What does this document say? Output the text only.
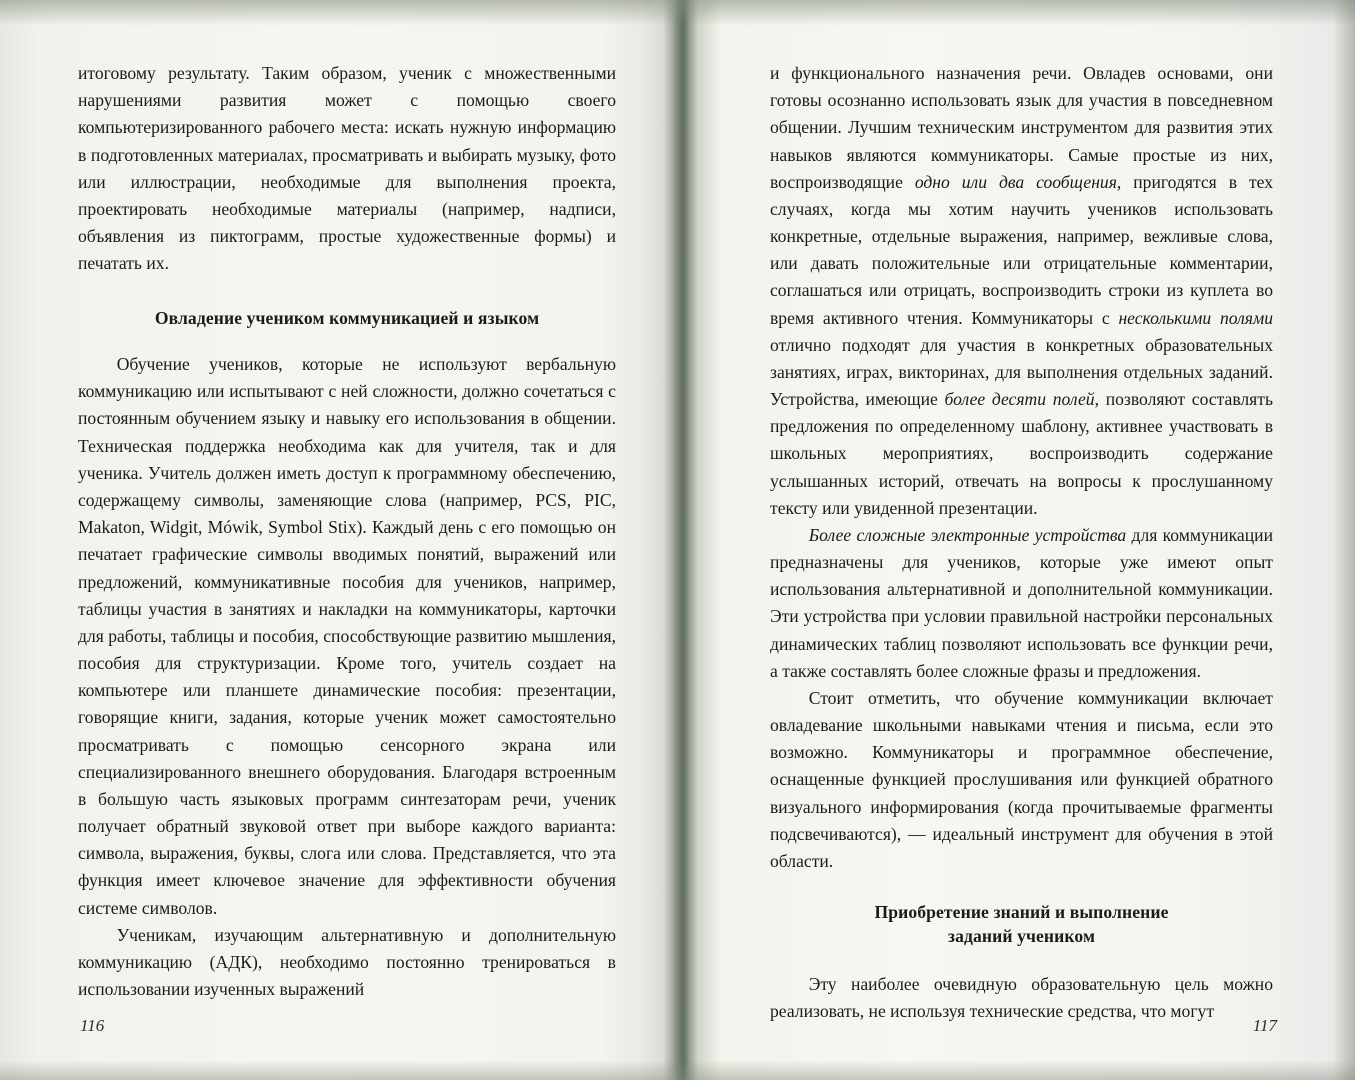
итоговому результату. Таким образом, ученик с множественными нарушениями развития может с помощью своего компьютеризированного рабочего места: искать нужную информацию в подготовленных материалах, просматривать и выбирать музыку, фото или иллюстрации, необходимые для выполнения проекта, проектировать необходимые материалы (например, надписи, объявления из пиктограмм, простые художественные формы) и печатать их.

Овладение учеником коммуникацией и языком

Обучение учеников, которые не используют вербальную коммуникацию или испытывают с ней сложности, должно сочетаться с постоянным обучением языку и навыку его использования в общении. Техническая поддержка необходима как для учителя, так и для ученика. Учитель должен иметь доступ к программному обеспечению, содержащему символы, заменяющие слова (например, PCS, PIC, Makaton, Widgit, Mówik, Symbol Stix). Каждый день с его помощью он печатает графические символы вводимых понятий, выражений или предложений, коммуникативные пособия для учеников, например, таблицы участия в занятиях и накладки на коммуникаторы, карточки для работы, таблицы и пособия, способствующие развитию мышления, пособия для структуризации. Кроме того, учитель создает на компьютере или планшете динамические пособия: презентации, говорящие книги, задания, которые ученик может самостоятельно просматривать с помощью сенсорного экрана или специализированного внешнего оборудования. Благодаря встроенным в большую часть языковых программ синтезаторам речи, ученик получает обратный звуковой ответ при выборе каждого варианта: символа, выражения, буквы, слога или слова. Представляется, что эта функция имеет ключевое значение для эффективности обучения системе символов.

Ученикам, изучающим альтернативную и дополнительную коммуникацию (АДК), необходимо постоянно тренироваться в использовании изученных выражений

116

и функционального назначения речи. Овладев основами, они готовы осознанно использовать язык для участия в повседневном общении. Лучшим техническим инструментом для развития этих навыков являются коммуникаторы. Самые простые из них, воспроизводящие одно или два сообщения, пригодятся в тех случаях, когда мы хотим научить учеников использовать конкретные, отдельные выражения, например, вежливые слова, или давать положительные или отрицательные комментарии, соглашаться или отрицать, воспроизводить строки из куплета во время активного чтения. Коммуникаторы с несколькими полями отлично подходят для участия в конкретных образовательных занятиях, играх, викторинах, для выполнения отдельных заданий. Устройства, имеющие более десяти полей, позволяют составлять предложения по определенному шаблону, активнее участвовать в школьных мероприятиях, воспроизводить содержание услышанных историй, отвечать на вопросы к прослушанному тексту или увиденной презентации.

Более сложные электронные устройства для коммуникации предназначены для учеников, которые уже имеют опыт использования альтернативной и дополнительной коммуникации. Эти устройства при условии правильной настройки персональных динамических таблиц позволяют использовать все функции речи, а также составлять более сложные фразы и предложения.

Стоит отметить, что обучение коммуникации включает овладевание школьными навыками чтения и письма, если это возможно. Коммуникаторы и программное обеспечение, оснащенные функцией прослушивания или функцией обратного визуального информирования (когда прочитываемые фрагменты подсвечиваются), — идеальный инструмент для обучения в этой области.

Приобретение знаний и выполнение
заданий учеником

Эту наиболее очевидную образовательную цель можно реализовать, не используя технические средства, что могут

117
